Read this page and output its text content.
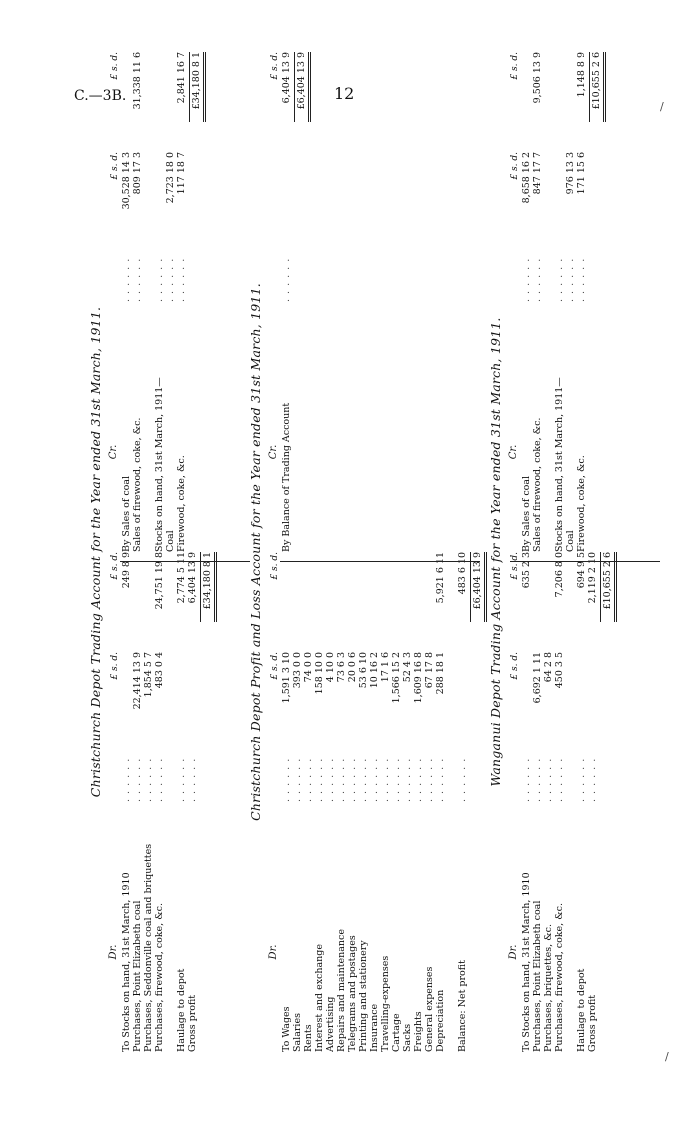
C.—3B.	12
/
/
Christchurch Depot Trading Account for the Year ended 31st March, 1911.
Dr.
£ s. d.
£ s. d.
To Stocks on hand, 31st March, 1910
. . . . . .
249 8 9
Purchases, Point Elizabeth coal
. . . . . .
22,414 13 9
Purchases, Seddonville coal and briquettes
. . . . . .
1,854 5 7
Purchases, firewood, coke, &c.
. . . . . .
483 0 4
24,751 19 8
Haulage to depot
. . . . . .
2,774 5 11
Gross profit
. . . . . .
6,404 13 9 £34,180 8 1
Cr.
£ s. d.
£ s. d.
By Sales of coal
. . . . . .
30,528 14 3
Sales of firewood, coke, &c.
. . . . . .
809 17 3
31,338 11 6
Stocks on hand, 31st March, 1911—
. . . . . .
Coal
. . . . . .
2,723 18 0
Firewood, coke, &c.
. . . . . .
117 18 7
2,841 16 7 £34,180 8 1
Christchurch Depot Profit and Loss Account for the Year ended 31st March, 1911.
Dr.
£ s. d.
£ s. d.
To Wages
. . . . . .
1,591 3 10
Salaries
. . . . . .
393 0 0
Rents
. . . . . .
74 0 0
Interest and exchange
. . . . . .
158 10 0
Advertising
. . . . . .
4 10 0
Repairs and maintenance
. . . . . .
73 6 3
Telegrams and postages
. . . . . .
20 0 6
Printing and stationery
. . . . . .
53 6 10
Insurance
. . . . . .
10 16 2
Travelling-expenses
. . . . . .
17 1 6
Cartage
. . . . . .
1,566 15 2
Sacks
. . . . . .
52 4 3
Freights
. . . . . .
1,609 16 8
General expenses
. . . . . .
67 17 8
Depreciation
. . . . . .
288 18 1
5,921 6 11
Balance: Net profit
. . . . . .
483 6 10 £6,404 13 9
Cr.
£ s. d.
By Balance of Trading Account
. . . . . .
6,404 13 9 £6,404 13 9
Wanganui Depot Trading Account for the Year ended 31st March, 1911.
Dr.
£ s. d.
£ s. d.
To Stocks on hand, 31st March, 1910
. . . . . .
635 2 3
Purchases, Point Elizabeth coal
. . . . . .
6,692 1 11
Purchases, briquettes, &c.
. . . . . .
64 2 8
Purchases, firewood, coke, &c.
. . . . . .
450 3 5
7,206 8 0
Haulage to depot
. . . . . .
694 9 5
Gross profit
. . . . . .
2,119 2 10 £10,655 2 6
Cr.
£ s. d.
£ s. d.
By Sales of coal
. . . . . .
8,658 16 2
Sales of firewood, coke, &c.
. . . . . .
847 17 7
9,506 13 9
Stocks on hand, 31st March, 1911—
. . . . . .
Coal
. . . . . .
976 13 3
Firewood, coke, &c.
. . . . . .
171 15 6
1,148 8 9 £10,655 2 6
